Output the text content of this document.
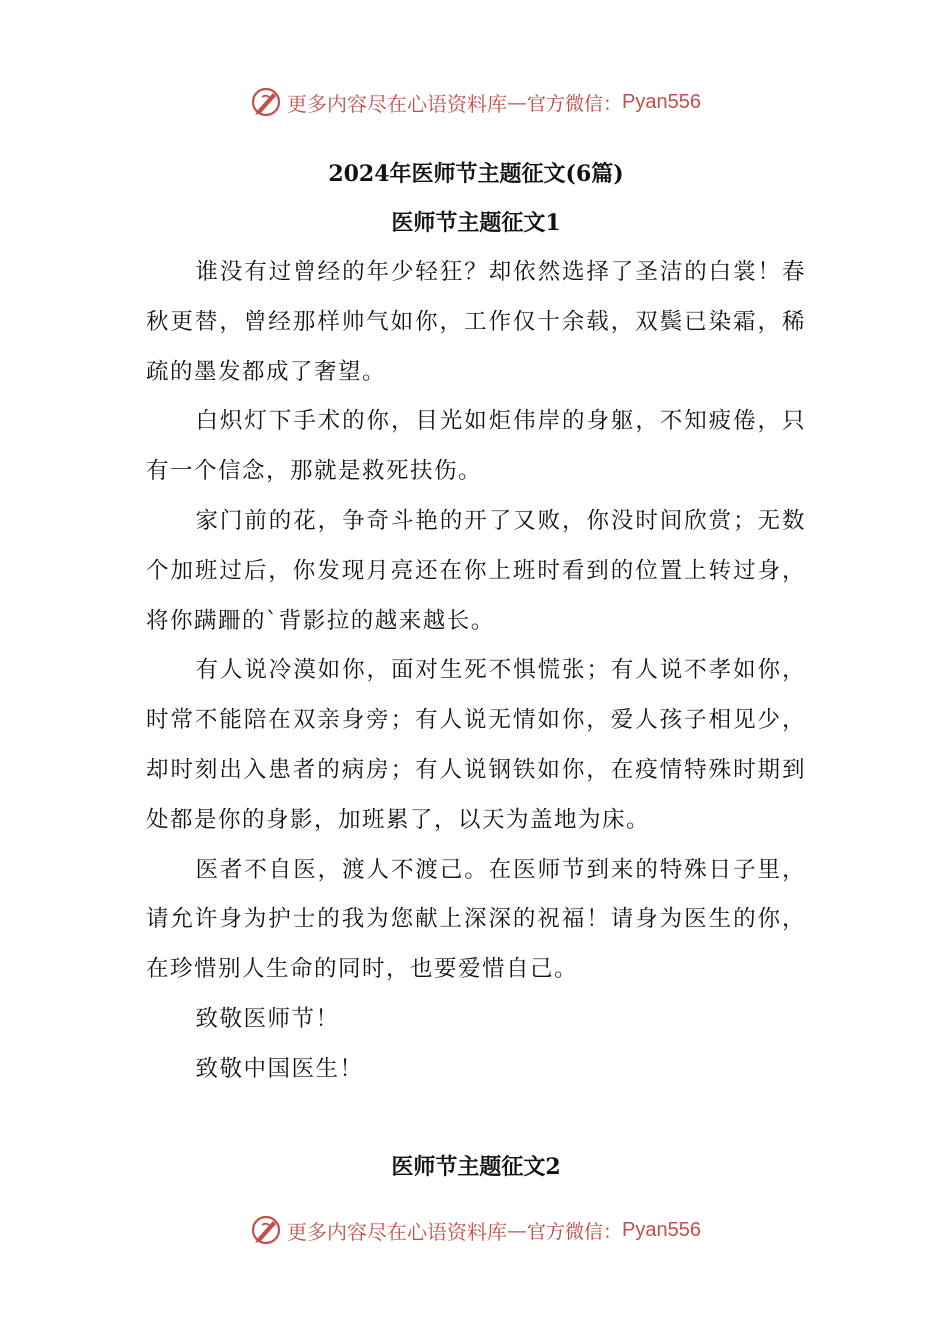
更多内容尽在心语资料库 — 官方微信： Pyan556
2024年医师节主题征文(6篇)
医师节主题征文1

谁没有过曾经的年少轻狂？却依然选择了圣洁的白裳！春秋更替，曾经那样帅气如你，工作仅十余载，双鬓已染霜，稀疏的墨发都成了奢望。

白炽灯下手术的你，目光如炬伟岸的身躯，不知疲倦，只有一个信念，那就是救死扶伤。

家门前的花，争奇斗艳的开了又败，你没时间欣赏；无数个加班过后，你发现月亮还在你上班时看到的位置上转过身，将你蹒跚的`背影拉的越来越长。

有人说冷漠如你，面对生死不惧慌张；有人说不孝如你，时常不能陪在双亲身旁；有人说无情如你，爱人孩子相见少，却时刻出入患者的病房；有人说钢铁如你，在疫情特殊时期到处都是你的身影，加班累了，以天为盖地为床。

医者不自医，渡人不渡己。在医师节到来的特殊日子里，请允许身为护士的我为您献上深深的祝福！请身为医生的你，在珍惜别人生命的同时，也要爱惜自己。

致敬医师节！

致敬中国医生！

医师节主题征文2
更多内容尽在心语资料库 — 官方微信： Pyan556
